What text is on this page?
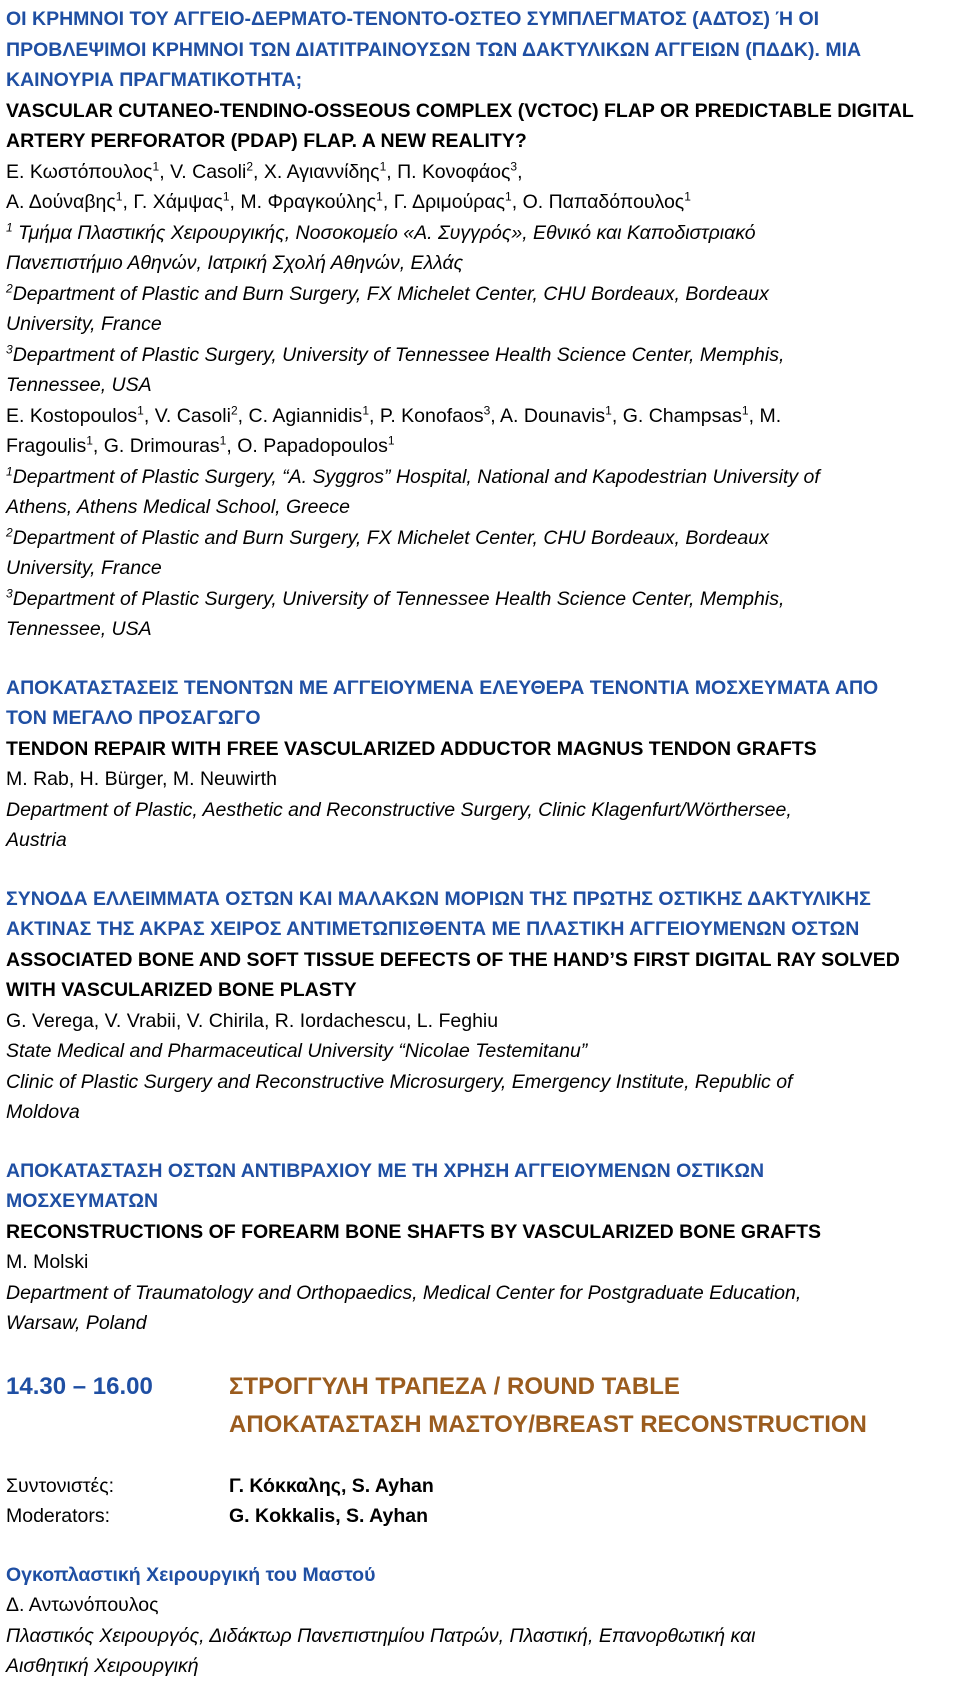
ΟΙ ΚΡΗΜΝΟΙ ΤΟΥ ΑΓΓΕΙΟ-ΔΕΡΜΑΤΟ-ΤΕΝΟΝΤΟ-ΟΣΤΕΟ ΣΥΜΠΛΕΓΜΑΤΟΣ (ΑΔΤΟΣ) Ή ΟΙ

ΠΡΟΒΛΕΨΙΜΟΙ ΚΡΗΜΝΟΙ ΤΩΝ ΔΙΑΤΙΤΡΑΙΝΟΥΣΩΝ ΤΩΝ ΔΑΚΤΥΛΙΚΩΝ ΑΓΓΕΙΩΝ (ΠΔΔΚ). ΜΙΑ

ΚΑΙΝΟΥΡΙΑ ΠΡΑΓΜΑΤΙΚΟΤΗΤΑ;

VASCULAR CUTANEO-TENDINO-OSSEOUS COMPLEX (VCTOC) FLAP OR PREDICTABLE DIGITAL

ARTERY PERFORATOR (PDAP) FLAP. A NEW REALITY?

Ε. Κωστόπουλος$^1$, V. Casoli$^2$, Χ. Αγιαννίδης$^1$, Π. Κονοφάος$^3$,

Α. Δούναβης$^1$, Γ. Χάμψας$^1$, Μ. Φραγκούλης$^1$, Γ. Δριμούρας$^1$, Ο. Παπαδόπουλος$^1$

$^1$ Τμήμα Πλαστικής Χειρουργικής, Νοσοκομείο «Α. Συγγρός», Εθνικό και Καποδιστριακό

Πανεπιστήμιο Αθηνών, Ιατρική Σχολή Αθηνών, Ελλάς

$^2$Department of Plastic and Burn Surgery, FX Michelet Center, CHU Bordeaux, Bordeaux

University, France

$^3$Department of Plastic Surgery, University of Tennessee Health Science Center, Memphis,

Tennessee, USA

E. Kostopoulos$^1$, V. Casoli$^2$, C. Agiannidis$^1$, P. Konofaos$^3$, A. Dounavis$^1$, G. Champsas$^1$, M.

Fragoulis$^1$, G. Drimouras$^1$, O. Papadopoulos$^1$

$^1$Department of Plastic Surgery, “A. Syggros” Hospital, National and Kapodestrian University of

Athens, Athens Medical School, Greece

$^2$Department of Plastic and Burn Surgery, FX Michelet Center, CHU Bordeaux, Bordeaux

University, France

$^3$Department of Plastic Surgery, University of Tennessee Health Science Center, Memphis,

Tennessee, USA

ΑΠΟΚΑΤΑΣΤΑΣΕΙΣ ΤΕΝΟΝΤΩΝ ΜΕ ΑΓΓΕΙΟΥΜΕΝΑ ΕΛΕΥΘΕΡΑ ΤΕΝΟΝΤΙΑ ΜΟΣΧΕΥΜΑΤΑ ΑΠΟ

ΤΟΝ ΜΕΓΑΛΟ ΠΡΟΣΑΓΩΓΟ

TENDON REPAIR WITH FREE VASCULARIZED ADDUCTOR MAGNUS TENDON GRAFTS

M. Rab, H. Bürger, M. Neuwirth

Department of Plastic, Aesthetic and Reconstructive Surgery, Clinic Klagenfurt/Wörthersee,

Austria

ΣΥΝΟΔΑ ΕΛΛΕΙΜΜΑΤΑ ΟΣΤΩΝ ΚΑΙ ΜΑΛΑΚΩΝ ΜΟΡΙΩΝ ΤΗΣ ΠΡΩΤΗΣ ΟΣΤΙΚΗΣ ΔΑΚΤΥΛΙΚΗΣ

ΑΚΤΙΝΑΣ ΤΗΣ ΑΚΡΑΣ ΧΕΙΡΟΣ ΑΝΤΙΜΕΤΩΠΙΣΘΕΝΤΑ ΜΕ ΠΛΑΣΤΙΚΗ ΑΓΓΕΙΟΥΜΕΝΩΝ ΟΣΤΩΝ

ASSOCIATED BONE AND SOFT TISSUE DEFECTS OF THE HAND’S FIRST DIGITAL RAY SOLVED

WITH VASCULARIZED BONE PLASTY

G. Verega, V. Vrabii, V. Chirila, R. Iordachescu, L. Feghiu

State Medical and Pharmaceutical University “Nicolae Testemitanu”

Clinic of Plastic Surgery and Reconstructive Microsurgery, Emergency Institute, Republic of

Moldova

ΑΠΟΚΑΤΑΣΤΑΣΗ ΟΣΤΩΝ ΑΝΤΙΒΡΑΧΙΟΥ ΜΕ ΤΗ ΧΡΗΣΗ ΑΓΓΕΙΟΥΜΕΝΩΝ ΟΣΤΙΚΩΝ

ΜΟΣΧΕΥΜΑΤΩΝ

RECONSTRUCTIONS OF FOREARM BONE SHAFTS BY VASCULARIZED BONE GRAFTS

M. Molski

Department of Traumatology and Orthopaedics, Medical Center for Postgraduate Education,

Warsaw, Poland

14.30 – 16.00	ΣΤΡΟΓΓΥΛΗ ΤΡΑΠΕΖΑ / ROUND TABLE
ΑΠΟΚΑΤΑΣΤΑΣΗ ΜΑΣΤΟΥ/BREAST RECONSTRUCTION
Συντονιστές:	Γ. Κόκκαλης, S. Ayhan
Moderators:	G. Kokkalis, S. Ayhan

Ογκοπλαστική Χειρουργική του Μαστού

Δ. Αντωνόπουλος

Πλαστικός Χειρουργός, Διδάκτωρ Πανεπιστημίου Πατρών, Πλαστική, Επανορθωτική και

Αισθητική Χειρουργική
